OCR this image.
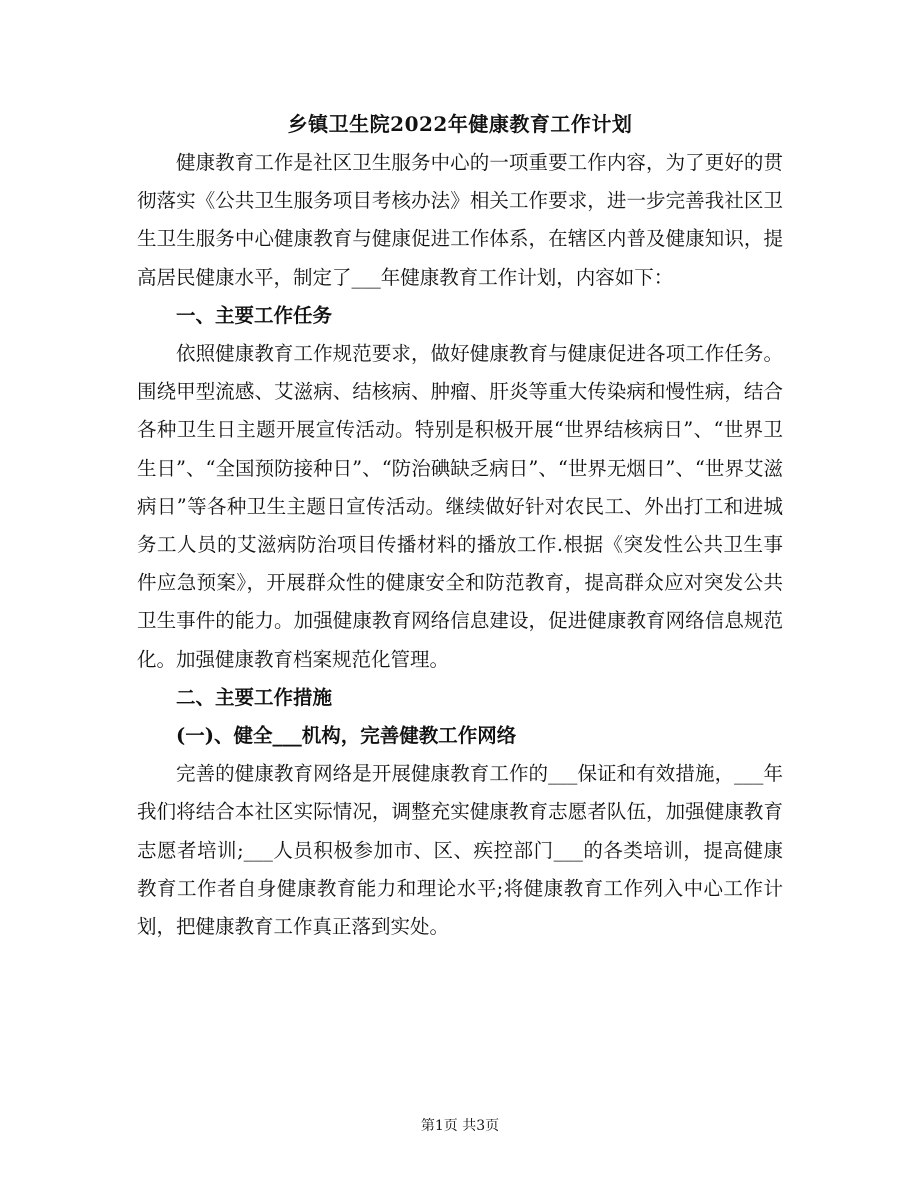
乡镇卫生院2022年健康教育工作计划

健康教育工作是社区卫生服务中心的一项重要工作内容，为了更好的贯彻落实《公共卫生服务项目考核办法》相关工作要求，进一步完善我社区卫生卫生服务中心健康教育与健康促进工作体系，在辖区内普及健康知识，提高居民健康水平，制定了___年健康教育工作计划，内容如下：

一、主要工作任务

依照健康教育工作规范要求，做好健康教育与健康促进各项工作任务。围绕甲型流感、艾滋病、结核病、肿瘤、肝炎等重大传染病和慢性病，结合各种卫生日主题开展宣传活动。特别是积极开展“世界结核病日”、“世界卫生日”、“全国预防接种日”、“防治碘缺乏病日”、“世界无烟日”、“世界艾滋病日”等各种卫生主题日宣传活动。继续做好针对农民工、外出打工和进城务工人员的艾滋病防治项目传播材料的播放工作.根据《突发性公共卫生事件应急预案》，开展群众性的健康安全和防范教育，提高群众应对突发公共卫生事件的能力。加强健康教育网络信息建设，促进健康教育网络信息规范化。加强健康教育档案规范化管理。

二、主要工作措施

(一)、健全___机构，完善健教工作网络

完善的健康教育网络是开展健康教育工作的___保证和有效措施，___年我们将结合本社区实际情况，调整充实健康教育志愿者队伍，加强健康教育志愿者培训;___人员积极参加市、区、疾控部门___的各类培训，提高健康教育工作者自身健康教育能力和理论水平;将健康教育工作列入中心工作计划，把健康教育工作真正落到实处。

第1页 共3页
